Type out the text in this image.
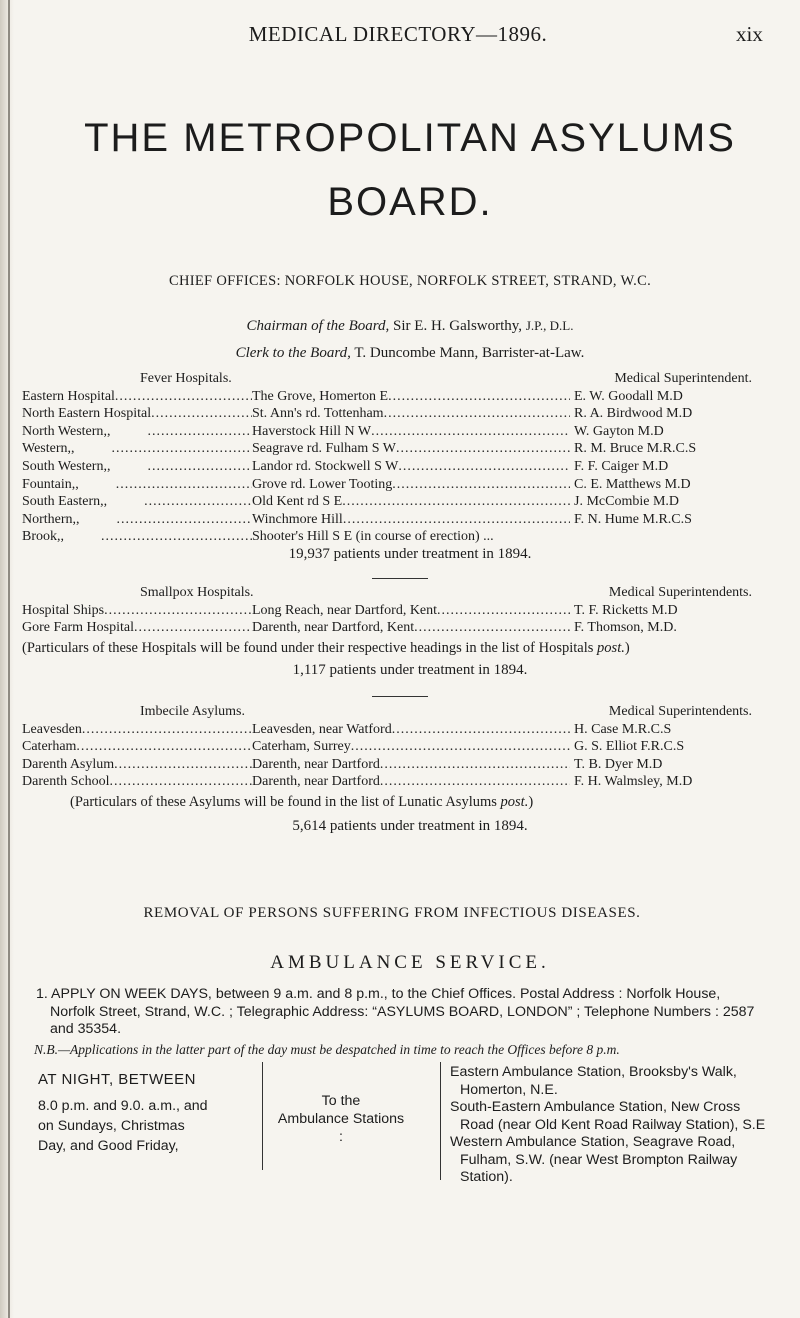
MEDICAL DIRECTORY—1896.	xix
THE METROPOLITAN ASYLUMS
BOARD.
CHIEF OFFICES: NORFOLK HOUSE, NORFOLK STREET, STRAND, W.C.
Chairman of the Board, Sir E. H. Galsworthy, J.P., D.L.
Clerk to the Board, T. Duncombe Mann, Barrister-at-Law.
Fever Hospitals.	Medical Superintendent.
Eastern Hospital .....	The Grove, Homerton E .....	E. W. Goodall M.D
North Eastern Hospital .....	St. Ann's rd. Tottenham .....	R. A. Birdwood M.D
North Western ,, .....	Haverstock Hill N W .....	W. Gayton M.D
Western ,, .....	Seagrave rd. Fulham S W .....	R. M. Bruce M.R.C.S
South Western ,, .....	Landor rd. Stockwell S W .....	F. F. Caiger M.D
Fountain ,, .....	Grove rd. Lower Tooting .....	C. E. Matthews M.D
South Eastern ,, .....	Old Kent rd S E .....	J. McCombie M.D
Northern ,, .....	Winchmore Hill .....	F. N. Hume M.R.C.S
Brook ,, .....	Shooter's Hill S E (in course of erection) ...
19,937 patients under treatment in 1894.
Smallpox Hospitals.	Medical Superintendents.
Hospital Ships .....	Long Reach, near Dartford, Kent .....	T. F. Ricketts M.D
Gore Farm Hospital .....	Darenth, near Dartford, Kent .....	F. Thomson, M.D.
(Particulars of these Hospitals will be found under their respective headings in the list of Hospitals post.)
1,117 patients under treatment in 1894.
Imbecile Asylums.	Medical Superintendents.
Leavesden .....	Leavesden, near Watford .....	H. Case M.R.C.S
Caterham .....	Caterham, Surrey .....	G. S. Elliot F.R.C.S
Darenth Asylum .....	Darenth, near Dartford .....	T. B. Dyer M.D
Darenth School .....	Darenth, near Dartford .....	F. H. Walmsley, M.D
(Particulars of these Asylums will be found in the list of Lunatic Asylums post.)
5,614 patients under treatment in 1894.
REMOVAL OF PERSONS SUFFERING FROM INFECTIOUS DISEASES.
AMBULANCE SERVICE.
1. APPLY ON WEEK DAYS, between 9 a.m. and 8 p.m., to the Chief Offices. Postal Address : Norfolk House, Norfolk Street, Strand, W.C. ; Telegraphic Address: “ASYLUMS BOARD, LONDON” ; Telephone Numbers : 2587 and 35354.
N.B.—Applications in the latter part of the day must be despatched in time to reach the Offices before 8 p.m.
AT NIGHT, BETWEEN
8.0 p.m. and 9.0. a.m., and
on Sundays, Christmas
Day, and Good Friday,
To the
Ambulance Stations :

Eastern Ambulance Station, Brooksby's Walk, Homerton, N.E.

South-Eastern Ambulance Station, New Cross Road (near Old Kent Road Railway Station), S.E

Western Ambulance Station, Seagrave Road, Fulham, S.W. (near West Brompton Railway Station).
